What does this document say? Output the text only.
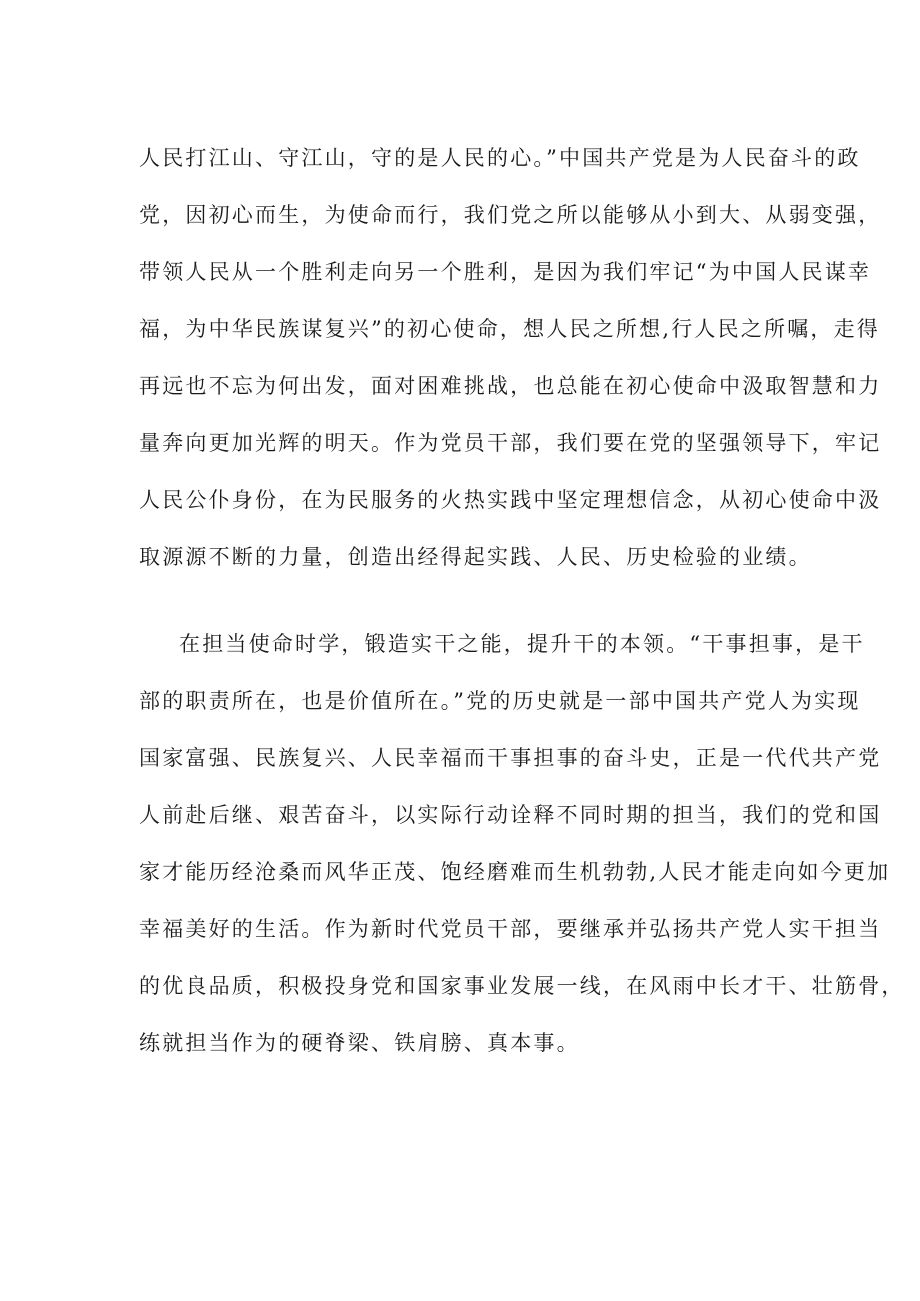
人民打江山、守江山，守的是人民的心。”中国共产党是为人民奋斗的政
党，因初心而生，为使命而行，我们党之所以能够从小到大、从弱变强，
带领人民从一个胜利走向另一个胜利，是因为我们牢记“为中国人民谋幸
福，为中华民族谋复兴”的初心使命，想人民之所想,行人民之所嘱，走得
再远也不忘为何出发，面对困难挑战，也总能在初心使命中汲取智慧和力
量奔向更加光辉的明天。作为党员干部，我们要在党的坚强领导下，牢记
人民公仆身份，在为民服务的火热实践中坚定理想信念，从初心使命中汲
取源源不断的力量，创造出经得起实践、人民、历史检验的业绩。
在担当使命时学，锻造实干之能，提升干的本领。“干事担事，是干
部的职责所在，也是价值所在。”党的历史就是一部中国共产党人为实现
国家富强、民族复兴、人民幸福而干事担事的奋斗史，正是一代代共产党
人前赴后继、艰苦奋斗，以实际行动诠释不同时期的担当，我们的党和国
家才能历经沧桑而风华正茂、饱经磨难而生机勃勃,人民才能走向如今更加
幸福美好的生活。作为新时代党员干部，要继承并弘扬共产党人实干担当
的优良品质，积极投身党和国家事业发展一线，在风雨中长才干、壮筋骨，
练就担当作为的硬脊梁、铁肩膀、真本事。
